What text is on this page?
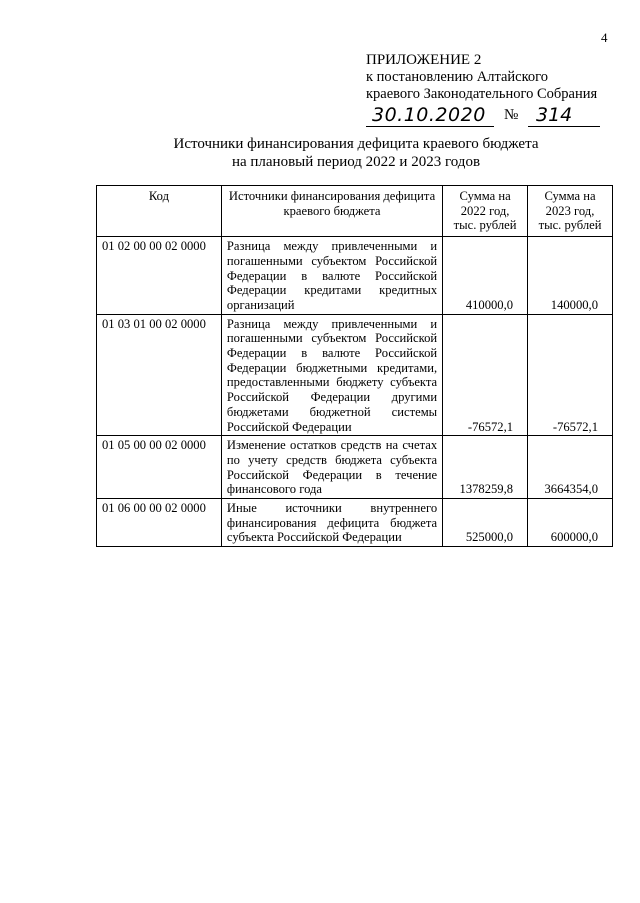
4
ПРИЛОЖЕНИЕ 2
к постановлению Алтайского
краевого Законодательного Собрания
30.10.2020	№ 314
Источники финансирования дефицита краевого бюджета
на плановый период 2022 и 2023 годов
Код	Источники финансирования дефицита краевого бюджета	Сумма на 2022 год, тыс. рублей	Сумма на 2023 год, тыс. рублей
01 02 00 00 02 0000	Разница между привлеченными и погашенными субъектом Российской Федерации в валюте Российской Федерации кредитами кредитных организаций	410000,0	140000,0
01 03 01 00 02 0000	Разница между привлеченными и погашенными субъектом Российской Федерации в валюте Российской Федерации бюджетными кредитами, предоставленными бюджету субъекта Российской Федерации другими бюджетами бюджетной системы Российской Федерации	-76572,1	-76572,1
01 05 00 00 02 0000	Изменение остатков средств на счетах по учету средств бюджета субъекта Российской Федерации в течение финансового года	1378259,8	3664354,0
01 06 00 00 02 0000	Иные источники внутреннего финансирования дефицита бюджета субъекта Российской Федерации	525000,0	600000,0
